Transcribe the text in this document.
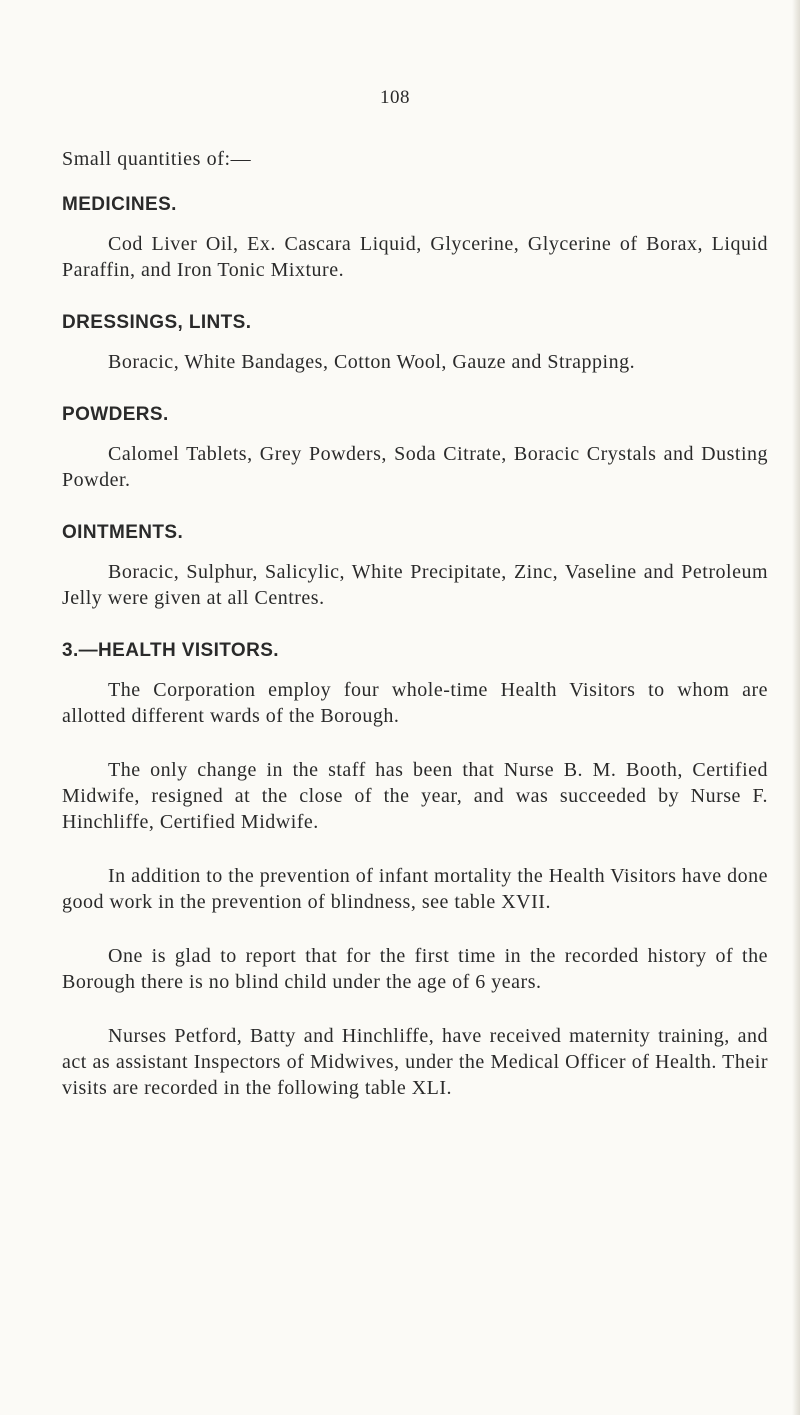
108

Small quantities of:—

MEDICINES.

Cod Liver Oil, Ex. Cascara Liquid, Glycerine, Glycerine of Borax, Liquid Paraffin, and Iron Tonic Mixture.

DRESSINGS, LINTS.

Boracic, White Bandages, Cotton Wool, Gauze and Strapping.

POWDERS.

Calomel Tablets, Grey Powders, Soda Citrate, Boracic Crystals and Dusting Powder.

OINTMENTS.

Boracic, Sulphur, Salicylic, White Precipitate, Zinc, Vaseline and Petroleum Jelly were given at all Centres.

3.—HEALTH VISITORS.

The Corporation employ four whole-time Health Visitors to whom are allotted different wards of the Borough.

The only change in the staff has been that Nurse B. M. Booth, Certified Midwife, resigned at the close of the year, and was succeeded by Nurse F. Hinchliffe, Certified Midwife.

In addition to the prevention of infant mortality the Health Visitors have done good work in the prevention of blindness, see table XVII.

One is glad to report that for the first time in the recorded history of the Borough there is no blind child under the age of 6 years.

Nurses Petford, Batty and Hinchliffe, have received maternity training, and act as assistant Inspectors of Midwives, under the Medical Officer of Health. Their visits are recorded in the following table XLI.
